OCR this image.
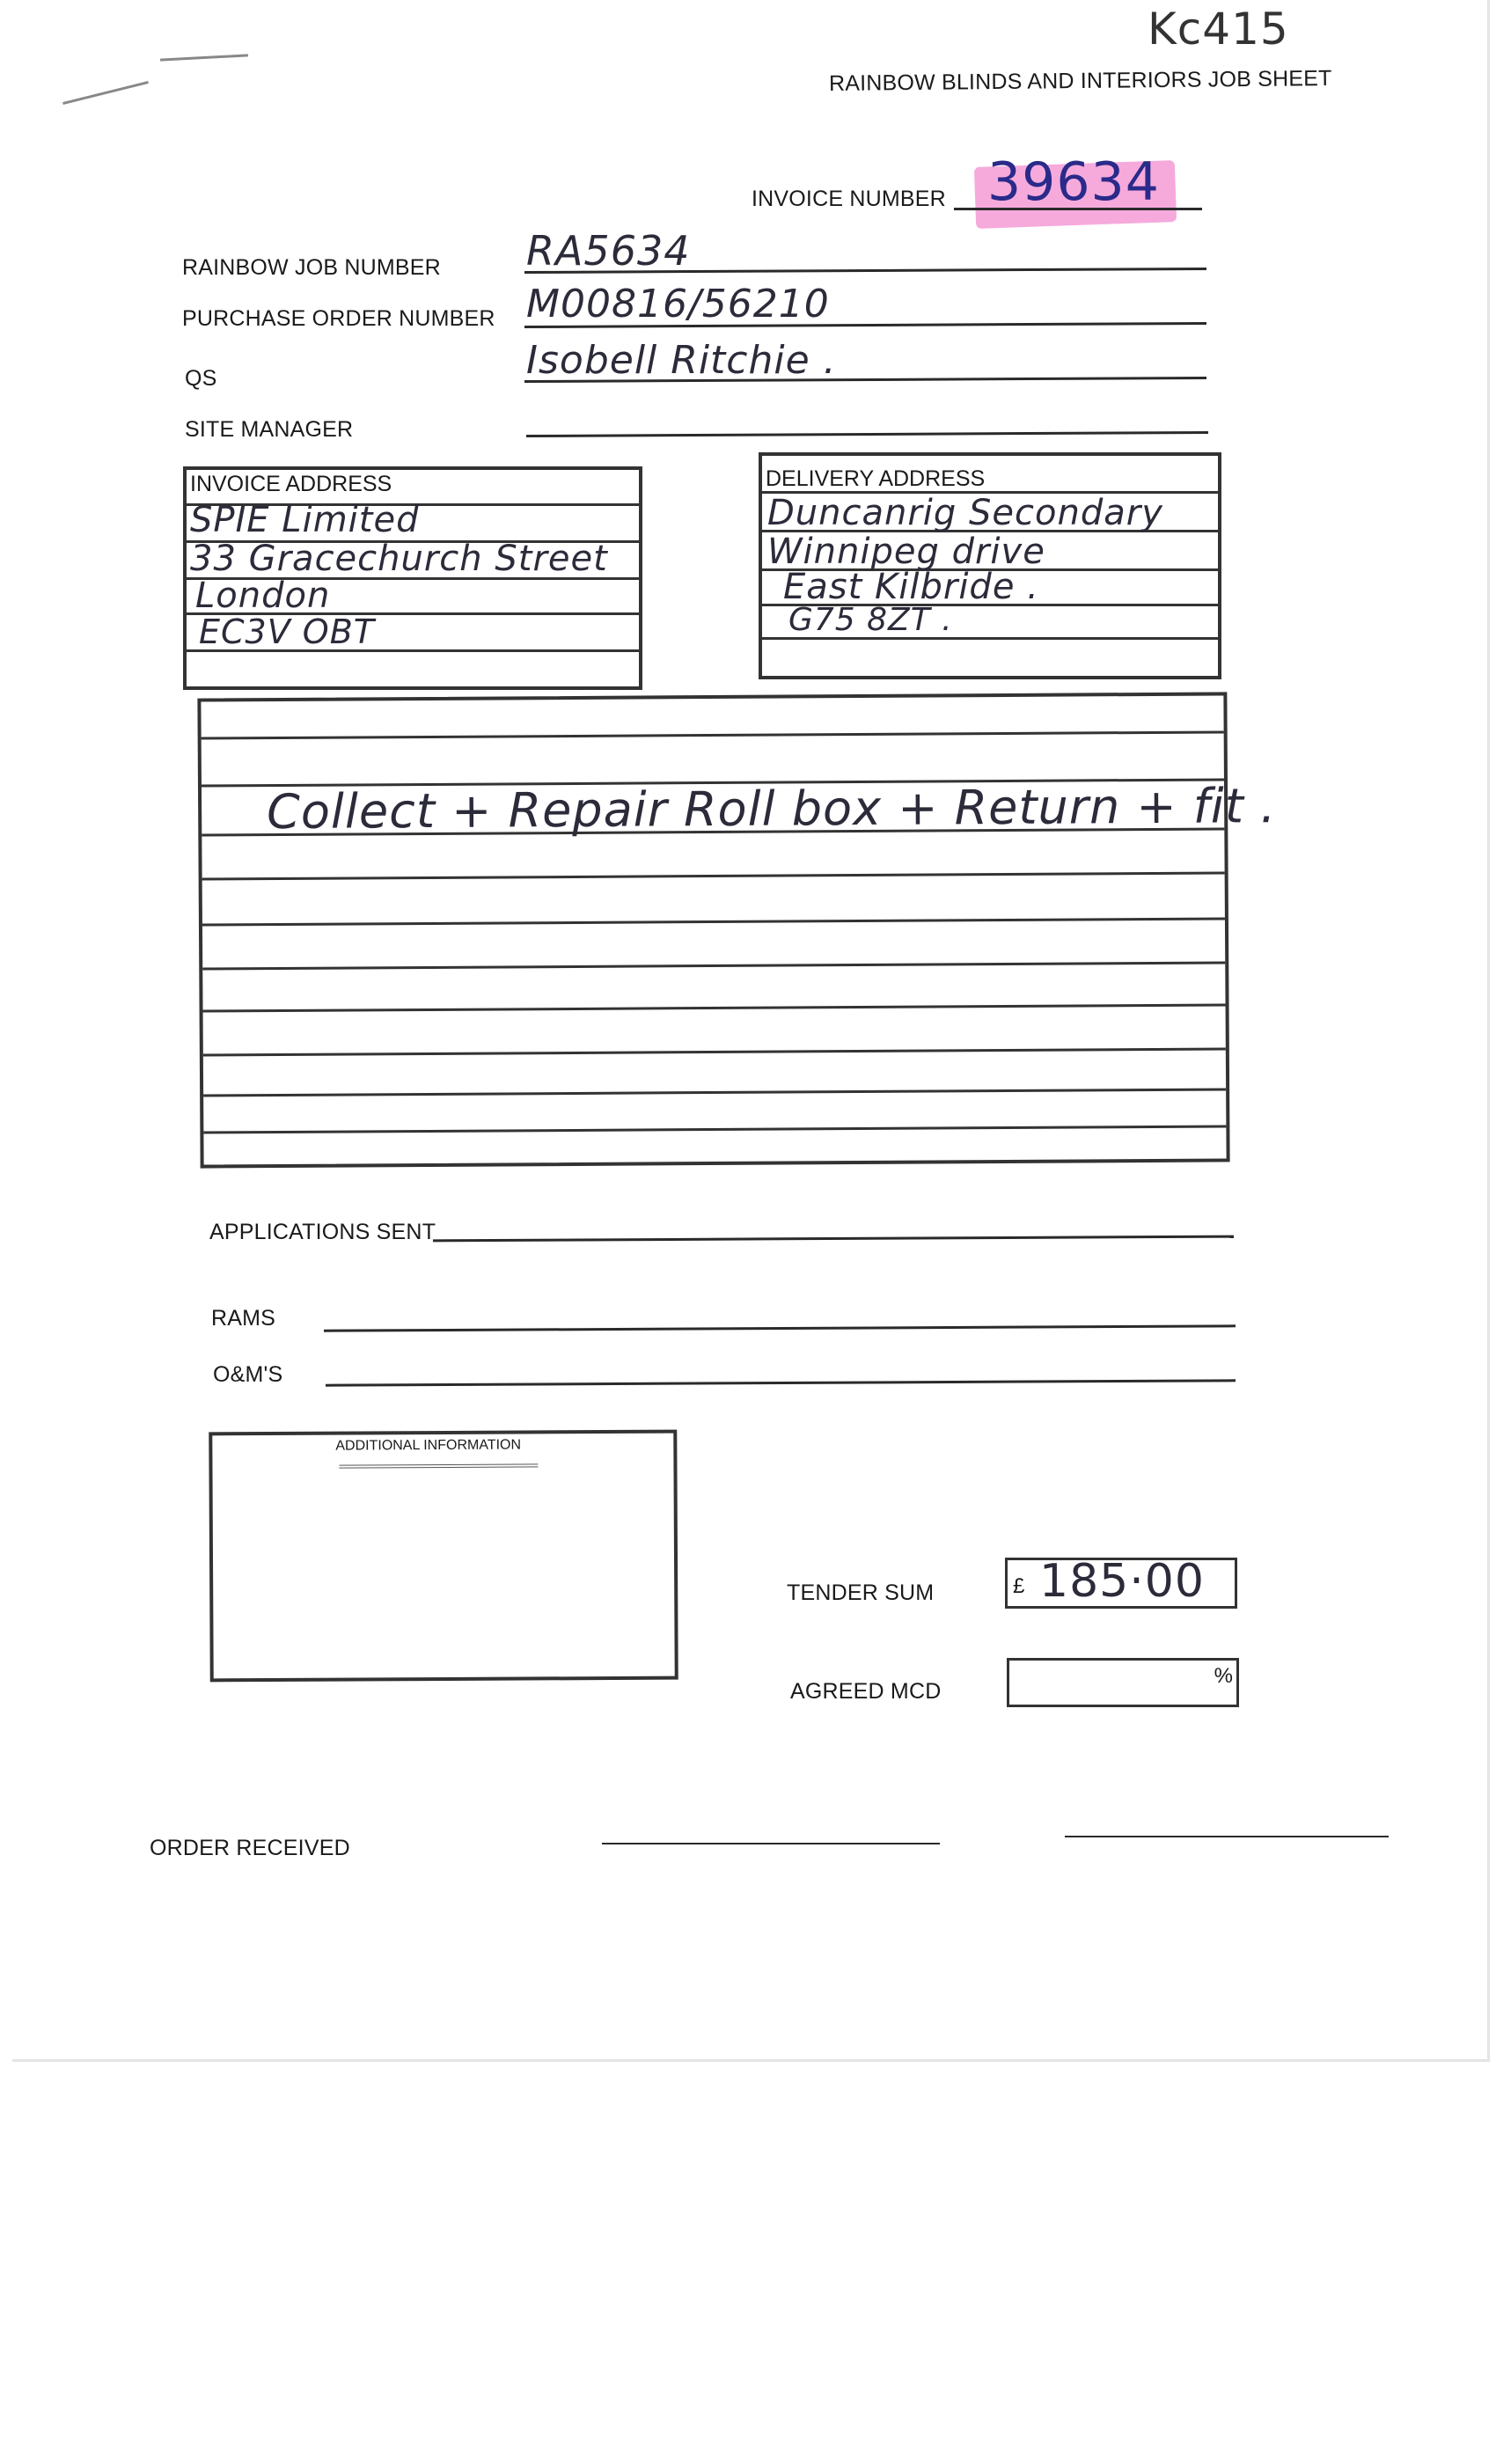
Kc415
RAINBOW BLINDS AND INTERIORS JOB SHEET
INVOICE NUMBER 39634
RAINBOW JOB NUMBER RA5634
PURCHASE ORDER NUMBER M00816/56210
QS	Isobell Ritchie .
SITE MANAGER
INVOICE ADDRESS
SPIE Limited
33 Gracechurch Street
London
EC3V OBT
DELIVERY ADDRESS
Duncanrig Secondary
Winnipeg drive
East Kilbride .
G75 8ZT .
Collect + Repair Roll box + Return + fit .
APPLICATIONS SENT
RAMS
O&M'S
ADDITIONAL INFORMATION
TENDER SUM	£ 185·00
AGREED MCD
%
ORDER RECEIVED
